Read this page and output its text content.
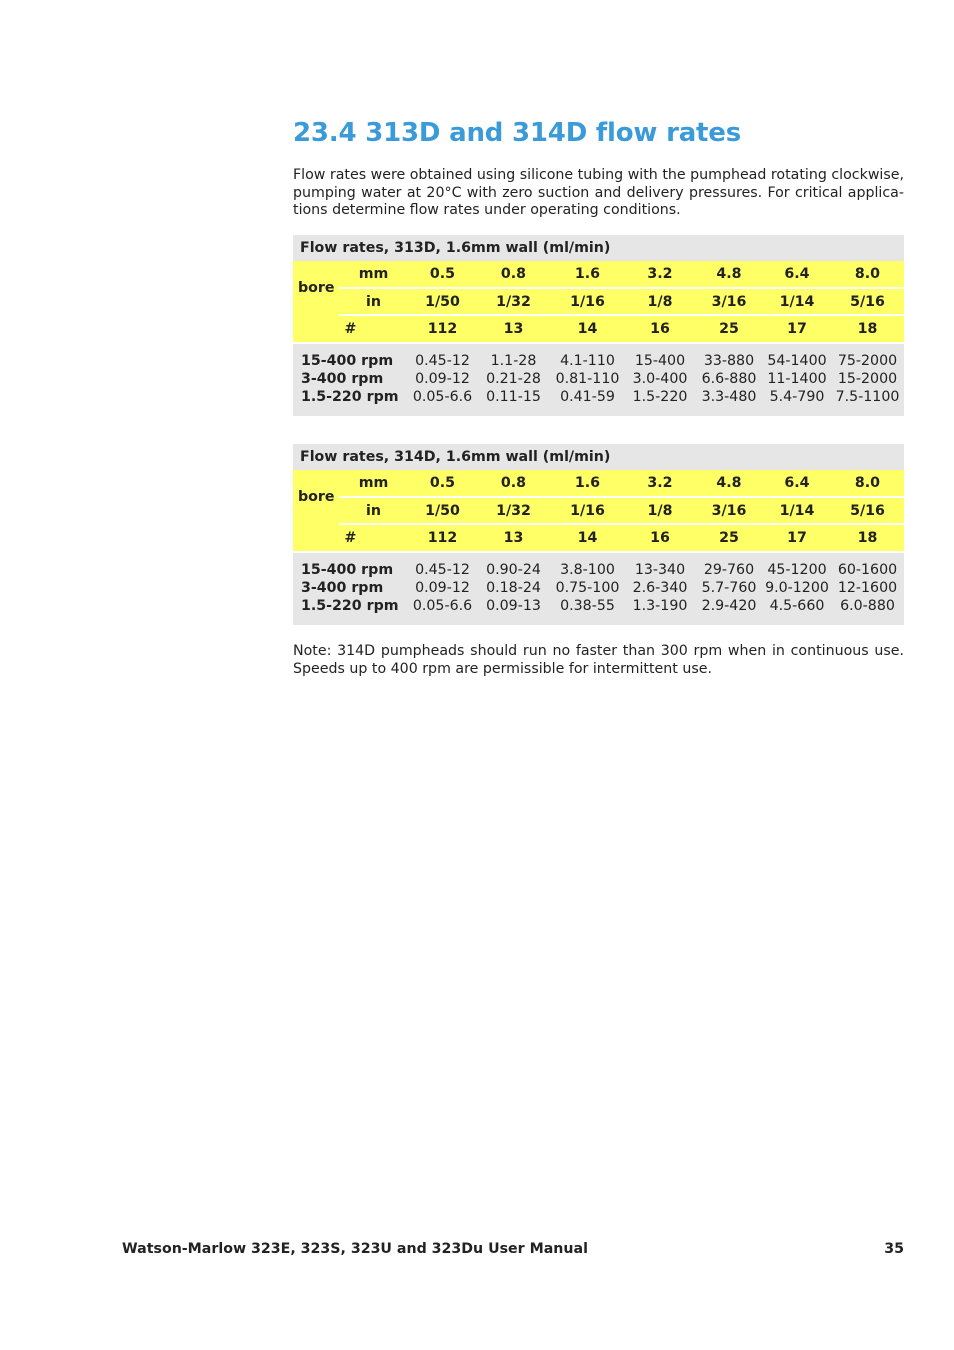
23.4 313D and 314D flow rates

Flow rates were obtained using silicone tubing with the pumphead rotating clockwise, pumping water at 20°C with zero suction and delivery pressures. For critical applica-tions determine flow rates under operating conditions.

Flow rates, 313D, 1.6mm wall (ml/min)								
bore	mm	0.5	0.8	1.6	3.2	4.8	6.4	8.0
	in	1/50	1/32	1/16	1/8	3/16	1/14	5/16
#		112	13	14	16	25	17	18

15-400 rpm		0.45-12	1.1-28	4.1-110	15-400	33-880	54-1400	75-2000
3-400 rpm		0.09-12	0.21-28	0.81-110	3.0-400	6.6-880	11-1400	15-2000
1.5-220 rpm		0.05-6.6	0.11-15	0.41-59	1.5-220	3.3-480	5.4-790	7.5-1100
Flow rates, 314D, 1.6mm wall (ml/min)								
bore	mm	0.5	0.8	1.6	3.2	4.8	6.4	8.0
	in	1/50	1/32	1/16	1/8	3/16	1/14	5/16
#		112	13	14	16	25	17	18

15-400 rpm		0.45-12	0.90-24	3.8-100	13-340	29-760	45-1200	60-1600
3-400 rpm		0.09-12	0.18-24	0.75-100	2.6-340	5.7-760	9.0-1200	12-1600
1.5-220 rpm		0.05-6.6	0.09-13	0.38-55	1.3-190	2.9-420	4.5-660	6.0-880

Note: 314D pumpheads should run no faster than 300 rpm when in continuous use. Speeds up to 400 rpm are permissible for intermittent use.

Watson-Marlow 323E, 323S, 323U and 323Du User Manual	35
